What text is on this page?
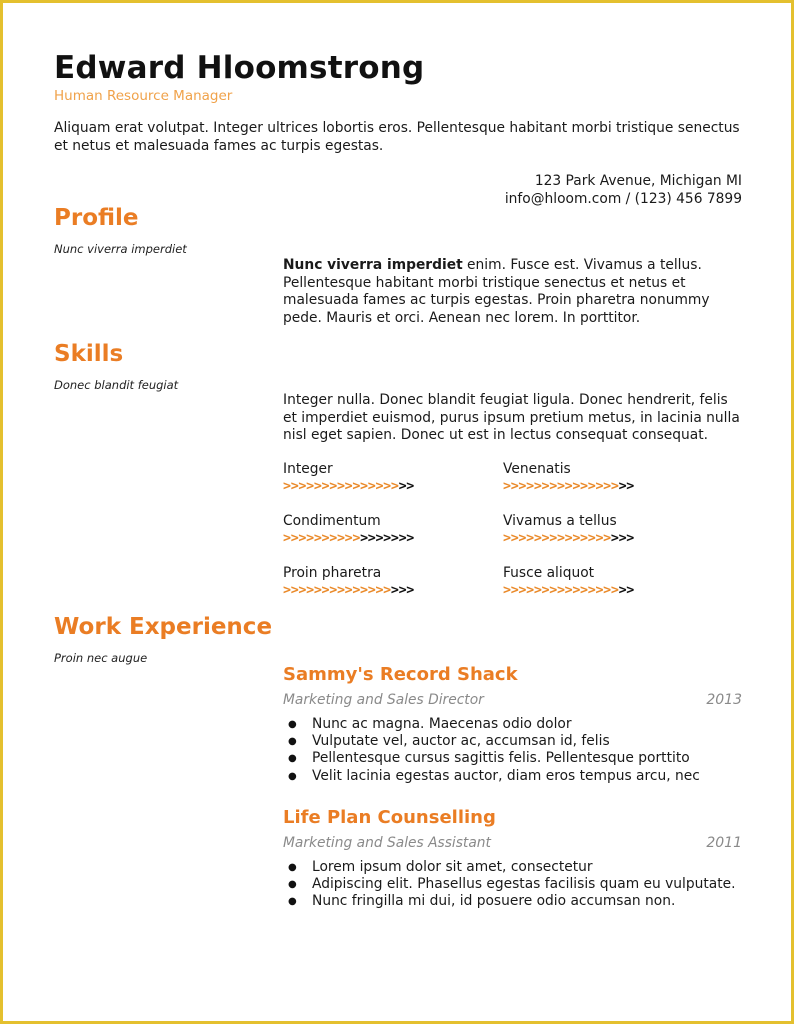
Edward Hloomstrong
Human Resource Manager
Aliquam erat volutpat. Integer ultrices lobortis eros. Pellentesque habitant morbi tristique senectus et netus et malesuada fames ac turpis egestas.
123 Park Avenue, Michigan MI
info@hloom.com / (123) 456 7899
Profile
Nunc viverra imperdiet
Nunc viverra imperdiet enim. Fusce est. Vivamus a tellus. Pellentesque habitant morbi tristique senectus et netus et malesuada fames ac turpis egestas. Proin pharetra nonummy pede. Mauris et orci. Aenean nec lorem. In porttitor.
Skills
Donec blandit feugiat
Integer nulla. Donec blandit feugiat ligula. Donec hendrerit, felis et imperdiet euismod, purus ipsum pretium metus, in lacinia nulla nisl eget sapien. Donec ut est in lectus consequat consequat.
Integer
>>>>>>>>>>>>>>>>>
Venenatis
>>>>>>>>>>>>>>>>>
Condimentum
>>>>>>>>>>>>>>>>>
Vivamus a tellus
>>>>>>>>>>>>>>>>>
Proin pharetra
>>>>>>>>>>>>>>>>>
Fusce aliquot
>>>>>>>>>>>>>>>>>
Work Experience
Proin nec augue
Sammy's Record Shack
Marketing and Sales Director	2013
● Nunc ac magna. Maecenas odio dolor
● Vulputate vel, auctor ac, accumsan id, felis
● Pellentesque cursus sagittis felis. Pellentesque porttito
● Velit lacinia egestas auctor, diam eros tempus arcu, nec
Life Plan Counselling
Marketing and Sales Assistant	2011
● Lorem ipsum dolor sit amet, consectetur
● Adipiscing elit. Phasellus egestas facilisis quam eu vulputate.
● Nunc fringilla mi dui, id posuere odio accumsan non.
